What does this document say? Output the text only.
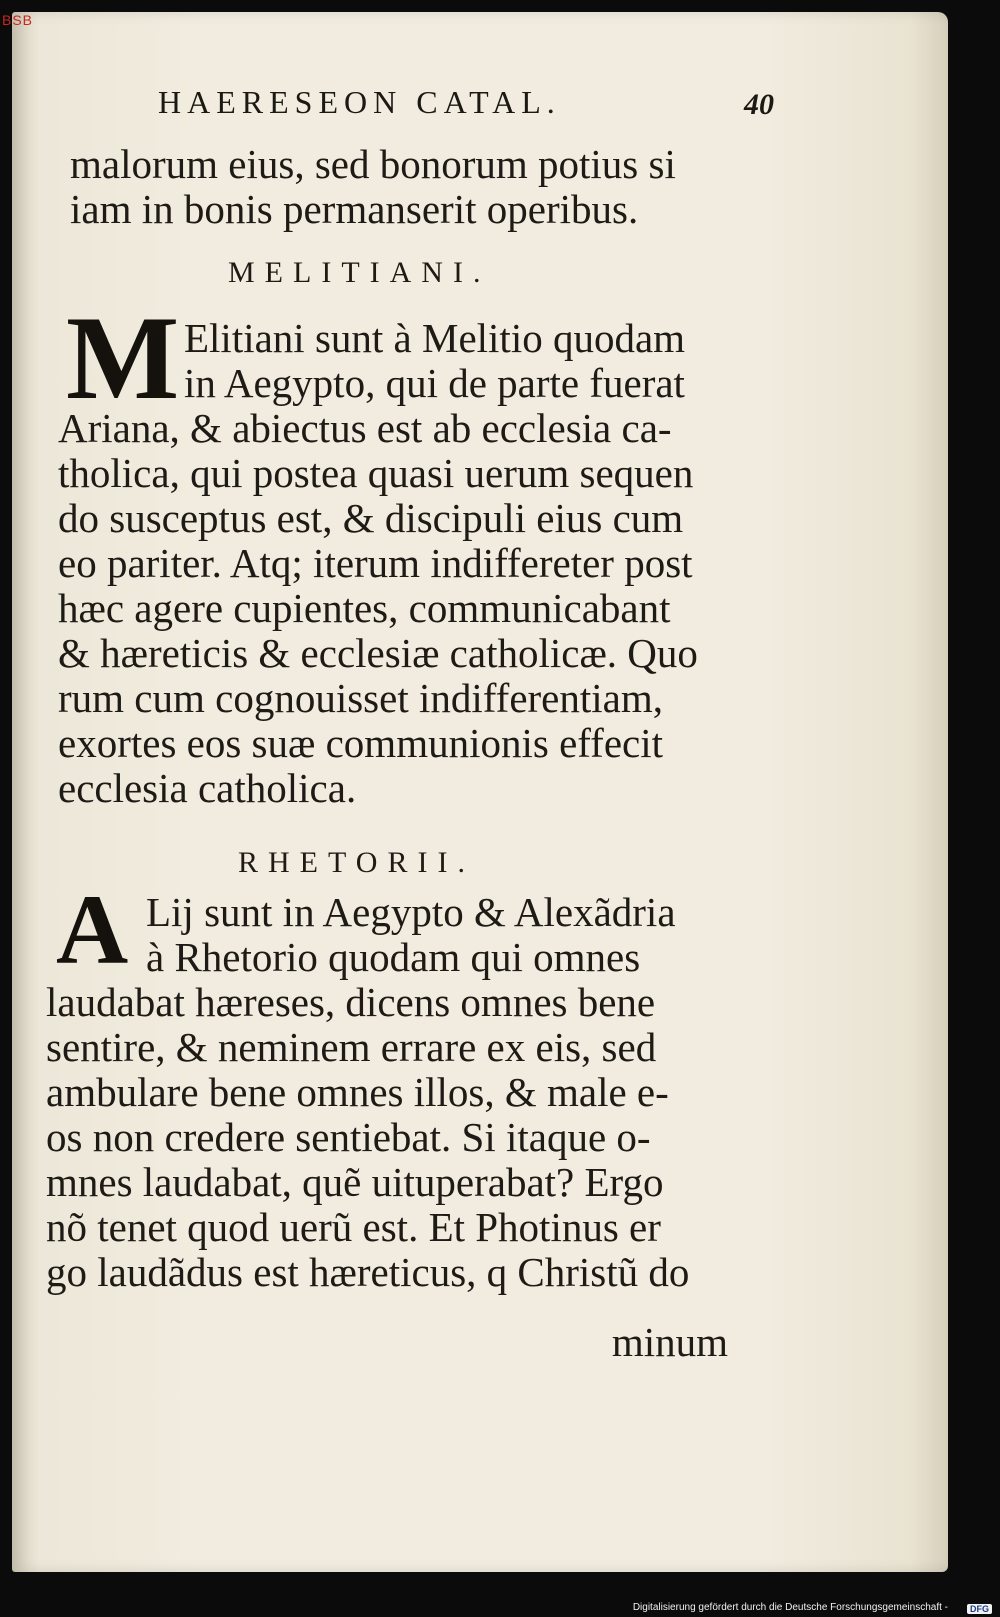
BSB
HAERESEON CATAL.	40
malorum eius, sed bonorum potius si
iam in bonis permanserit operibus.
MELITIANI.
M Elitiani sunt à Melitio quodam
in Aegypto, qui de parte fuerat
Ariana, & abiectus est ab ecclesia ca-
tholica, qui postea quasi uerum sequen
do susceptus est, & discipuli eius cum
eo pariter. Atq; iterum indiffereter post
hæc agere cupientes, communicabant
& hæreticis & ecclesiæ catholicæ. Quo
rum cum cognouisset indifferentiam,
exortes eos suæ communionis effecit
ecclesia catholica.
RHETORII.
A Lij sunt in Aegypto & Alexãdria
à Rhetorio quodam qui omnes
laudabat hæreses, dicens omnes bene
sentire, & neminem errare ex eis, sed
ambulare bene omnes illos, & male e-
os non credere sentiebat. Si itaque o-
mnes laudabat, quẽ uituperabat? Ergo
nõ tenet quod uerũ est. Et Photinus er
go laudãdus est hæreticus, q Christũ do
minum
Digitalisierung gefördert durch die Deutsche Forschungsgemeinschaft -	DFG
